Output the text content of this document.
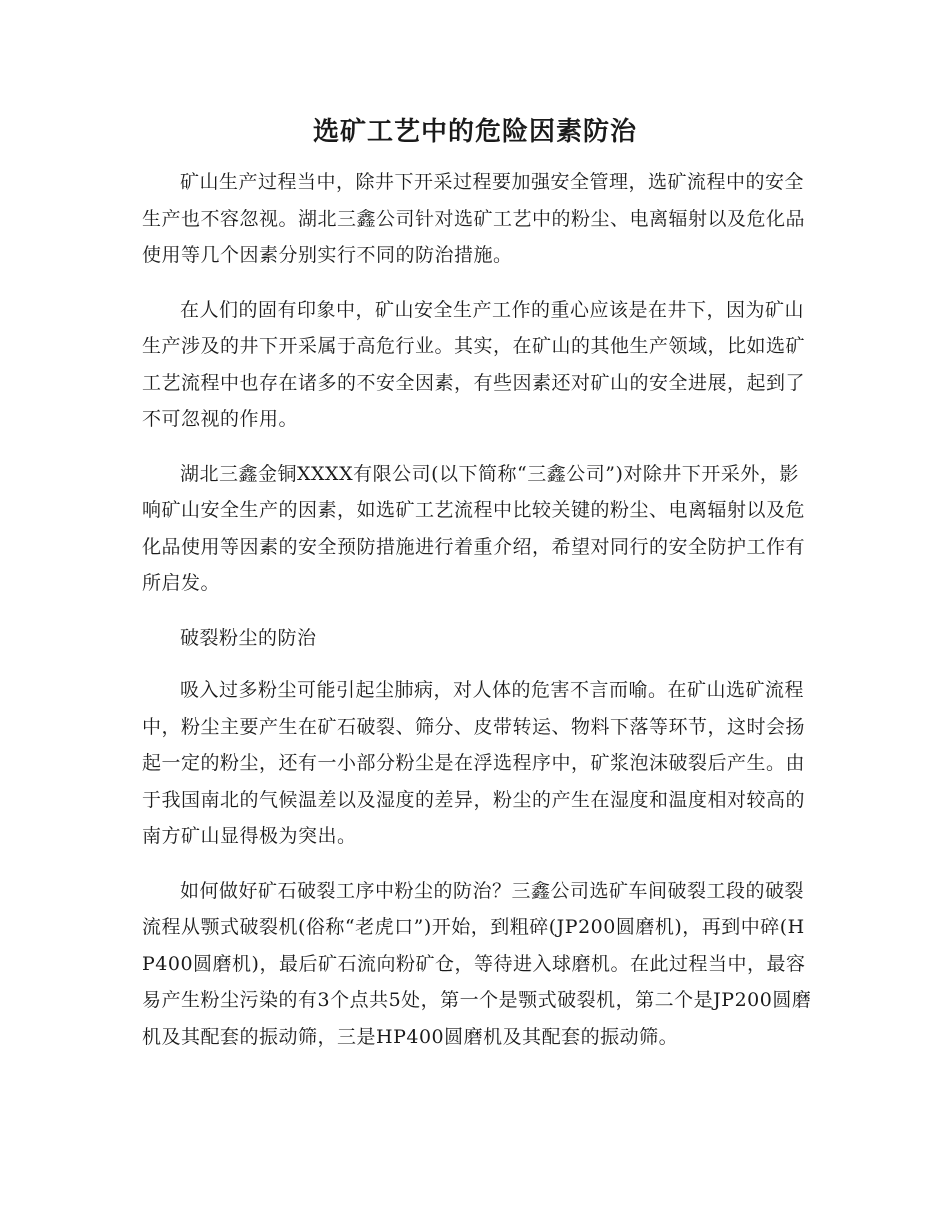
选矿工艺中的危险因素防治

矿山生产过程当中，除井下开采过程要加强安全管理，选矿流程中的安全生产也不容忽视。湖北三鑫公司针对选矿工艺中的粉尘、电离辐射以及危化品使用等几个因素分别实行不同的防治措施。

在人们的固有印象中，矿山安全生产工作的重心应该是在井下，因为矿山生产涉及的井下开采属于高危行业。其实，在矿山的其他生产领域，比如选矿工艺流程中也存在诸多的不安全因素，有些因素还对矿山的安全进展，起到了不可忽视的作用。

湖北三鑫金铜XXXX有限公司(以下简称“三鑫公司”)对除井下开采外，影响矿山安全生产的因素，如选矿工艺流程中比较关键的粉尘、电离辐射以及危化品使用等因素的安全预防措施进行着重介绍，希望对同行的安全防护工作有所启发。

破裂粉尘的防治

吸入过多粉尘可能引起尘肺病，对人体的危害不言而喻。在矿山选矿流程中，粉尘主要产生在矿石破裂、筛分、皮带转运、物料下落等环节，这时会扬起一定的粉尘，还有一小部分粉尘是在浮选程序中，矿浆泡沫破裂后产生。由于我国南北的气候温差以及湿度的差异，粉尘的产生在湿度和温度相对较高的南方矿山显得极为突出。

如何做好矿石破裂工序中粉尘的防治？三鑫公司选矿车间破裂工段的破裂流程从颚式破裂机(俗称“老虎口”)开始，到粗碎(JP200圆磨机)，再到中碎(HP400圆磨机)，最后矿石流向粉矿仓，等待进入球磨机。在此过程当中，最容易产生粉尘污染的有3个点共5处，第一个是颚式破裂机，第二个是JP200圆磨机及其配套的振动筛，三是HP400圆磨机及其配套的振动筛。
